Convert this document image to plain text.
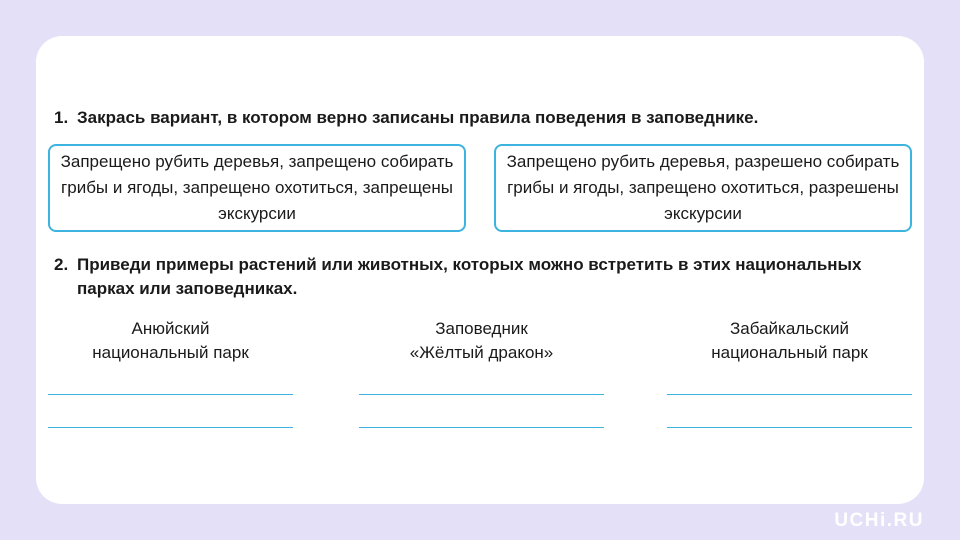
1. Закрась вариант, в котором верно записаны правила поведения в заповеднике.
Запрещено рубить деревья, запрещено собирать грибы и ягоды, запрещено охотиться, запрещены экскурсии
Запрещено рубить деревья, разрешено собирать грибы и ягоды, запрещено охотиться, разрешены экскурсии
2. Приведи примеры растений или животных, которых можно встретить в этих национальных парках или заповедниках.
Анюйский
национальный парк
Заповедник
«Жёлтый дракон»
Забайкальский
национальный парк
UCHi.RU
